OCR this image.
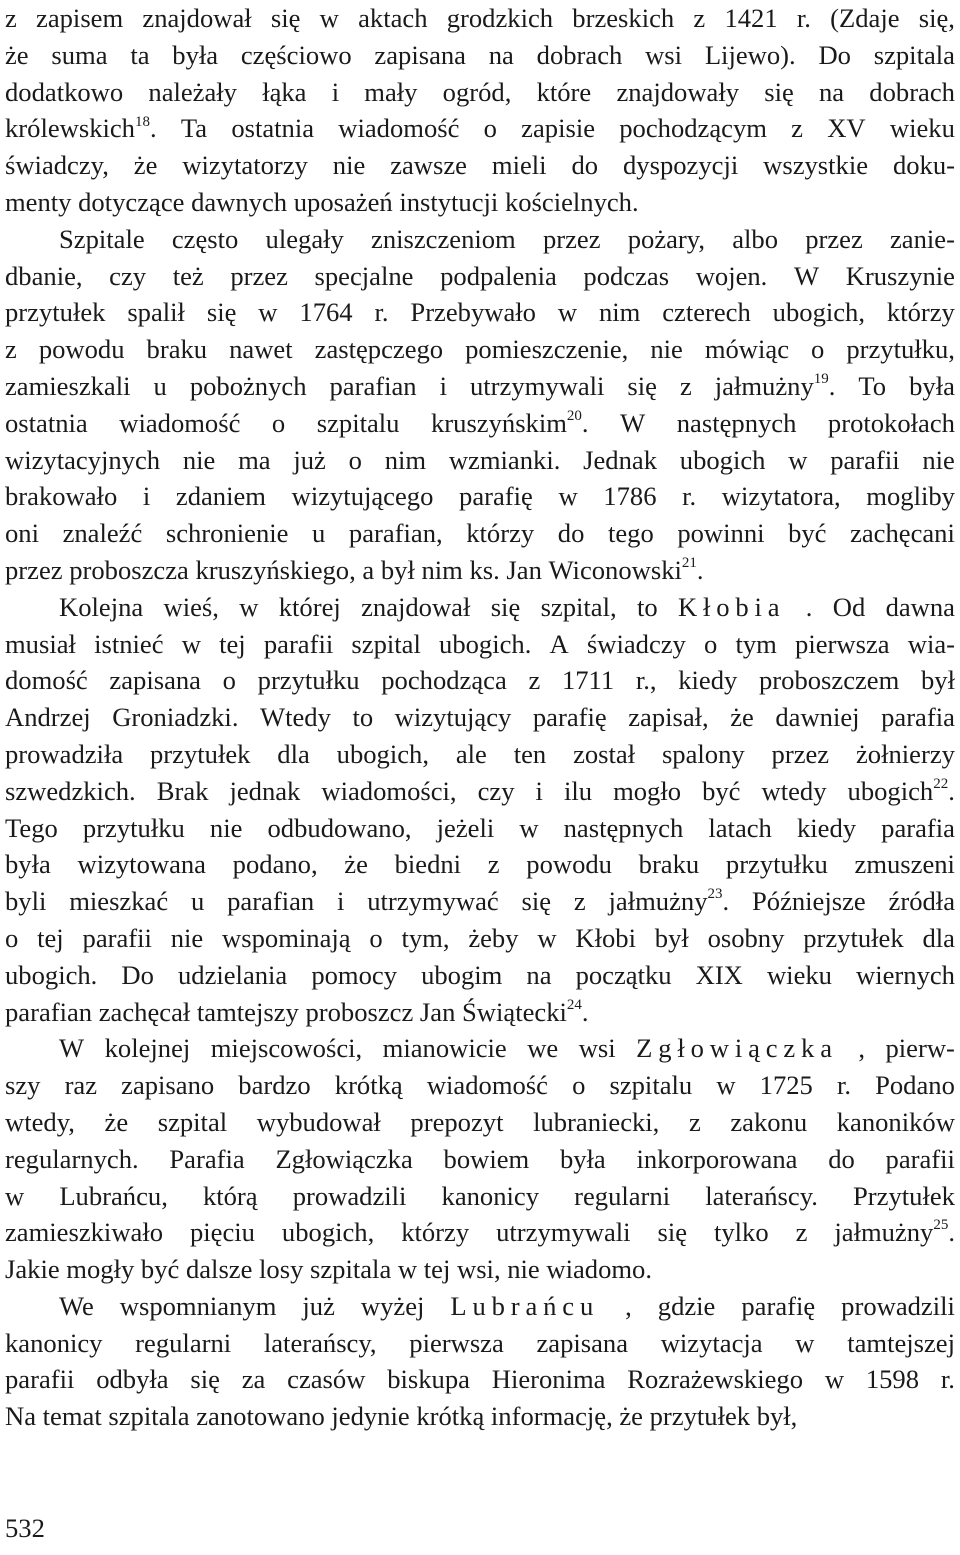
z zapisem znajdował się w aktach grodzkich brzeskich z 1421 r. (Zdaje się,
że suma ta była częściowo zapisana na dobrach wsi Lijewo). Do szpitala
dodatkowo należały łąka i mały ogród, które znajdowały się na dobrach
królewskich$^{18}$. Ta ostatnia wiadomość o zapisie pochodzącym z XV wieku
świadczy, że wizytatorzy nie zawsze mieli do dyspozycji wszystkie doku-
menty dotyczące dawnych uposażeń instytucji kościelnych.
Szpitale często ulegały zniszczeniom przez pożary, albo przez zanie-
dbanie, czy też przez specjalne podpalenia podczas wojen. W Kruszynie
przytułek spalił się w 1764 r. Przebywało w nim czterech ubogich, którzy
z powodu braku nawet zastępczego pomieszczenie, nie mówiąc o przytułku,
zamieszkali u pobożnych parafian i utrzymywali się z jałmużny$^{19}$. To była
ostatnia wiadomość o szpitalu kruszyńskim$^{20}$. W następnych protokołach
wizytacyjnych nie ma już o nim wzmianki. Jednak ubogich w parafii nie
brakowało i zdaniem wizytującego parafię w 1786 r. wizytatora, mogliby
oni znaleźć schronienie u parafian, którzy do tego powinni być zachęcani
przez proboszcza kruszyńskiego, a był nim ks. Jan Wiconowski$^{21}$.
Kolejna wieś, w której znajdował się szpital, to Kłobia . Od dawna
musiał istnieć w tej parafii szpital ubogich. A świadczy o tym pierwsza wia-
domość zapisana o przytułku pochodząca z 1711 r., kiedy proboszczem był
Andrzej Groniadzki. Wtedy to wizytujący parafię zapisał, że dawniej parafia
prowadziła przytułek dla ubogich, ale ten został spalony przez żołnierzy
szwedzkich. Brak jednak wiadomości, czy i ilu mogło być wtedy ubogich$^{22}$.
Tego przytułku nie odbudowano, jeżeli w następnych latach kiedy parafia
była wizytowana podano, że biedni z powodu braku przytułku zmuszeni
byli mieszkać u parafian i utrzymywać się z jałmużny$^{23}$. Późniejsze źródła
o tej parafii nie wspominają o tym, żeby w Kłobi był osobny przytułek dla
ubogich. Do udzielania pomocy ubogim na początku XIX wieku wiernych
parafian zachęcał tamtejszy proboszcz Jan Świątecki$^{24}$.
W kolejnej miejscowości, mianowicie we wsi Zgłowiączka , pierw-
szy raz zapisano bardzo krótką wiadomość o szpitalu w 1725 r. Podano
wtedy, że szpital wybudował prepozyt lubraniecki, z zakonu kanoników
regularnych. Parafia Zgłowiączka bowiem była inkorporowana do parafii
w Lubrańcu, którą prowadzili kanonicy regularni laterańscy. Przytułek
zamieszkiwało pięciu ubogich, którzy utrzymywali się tylko z jałmużny$^{25}$.
Jakie mogły być dalsze losy szpitala w tej wsi, nie wiadomo.
We wspomnianym już wyżej Lubrańcu , gdzie parafię prowadzili
kanonicy regularni laterańscy, pierwsza zapisana wizytacja w tamtejszej
parafii odbyła się za czasów biskupa Hieronima Rozrażewskiego w 1598 r.
Na temat szpitala zanotowano jedynie krótką informację, że przytułek był,
532
